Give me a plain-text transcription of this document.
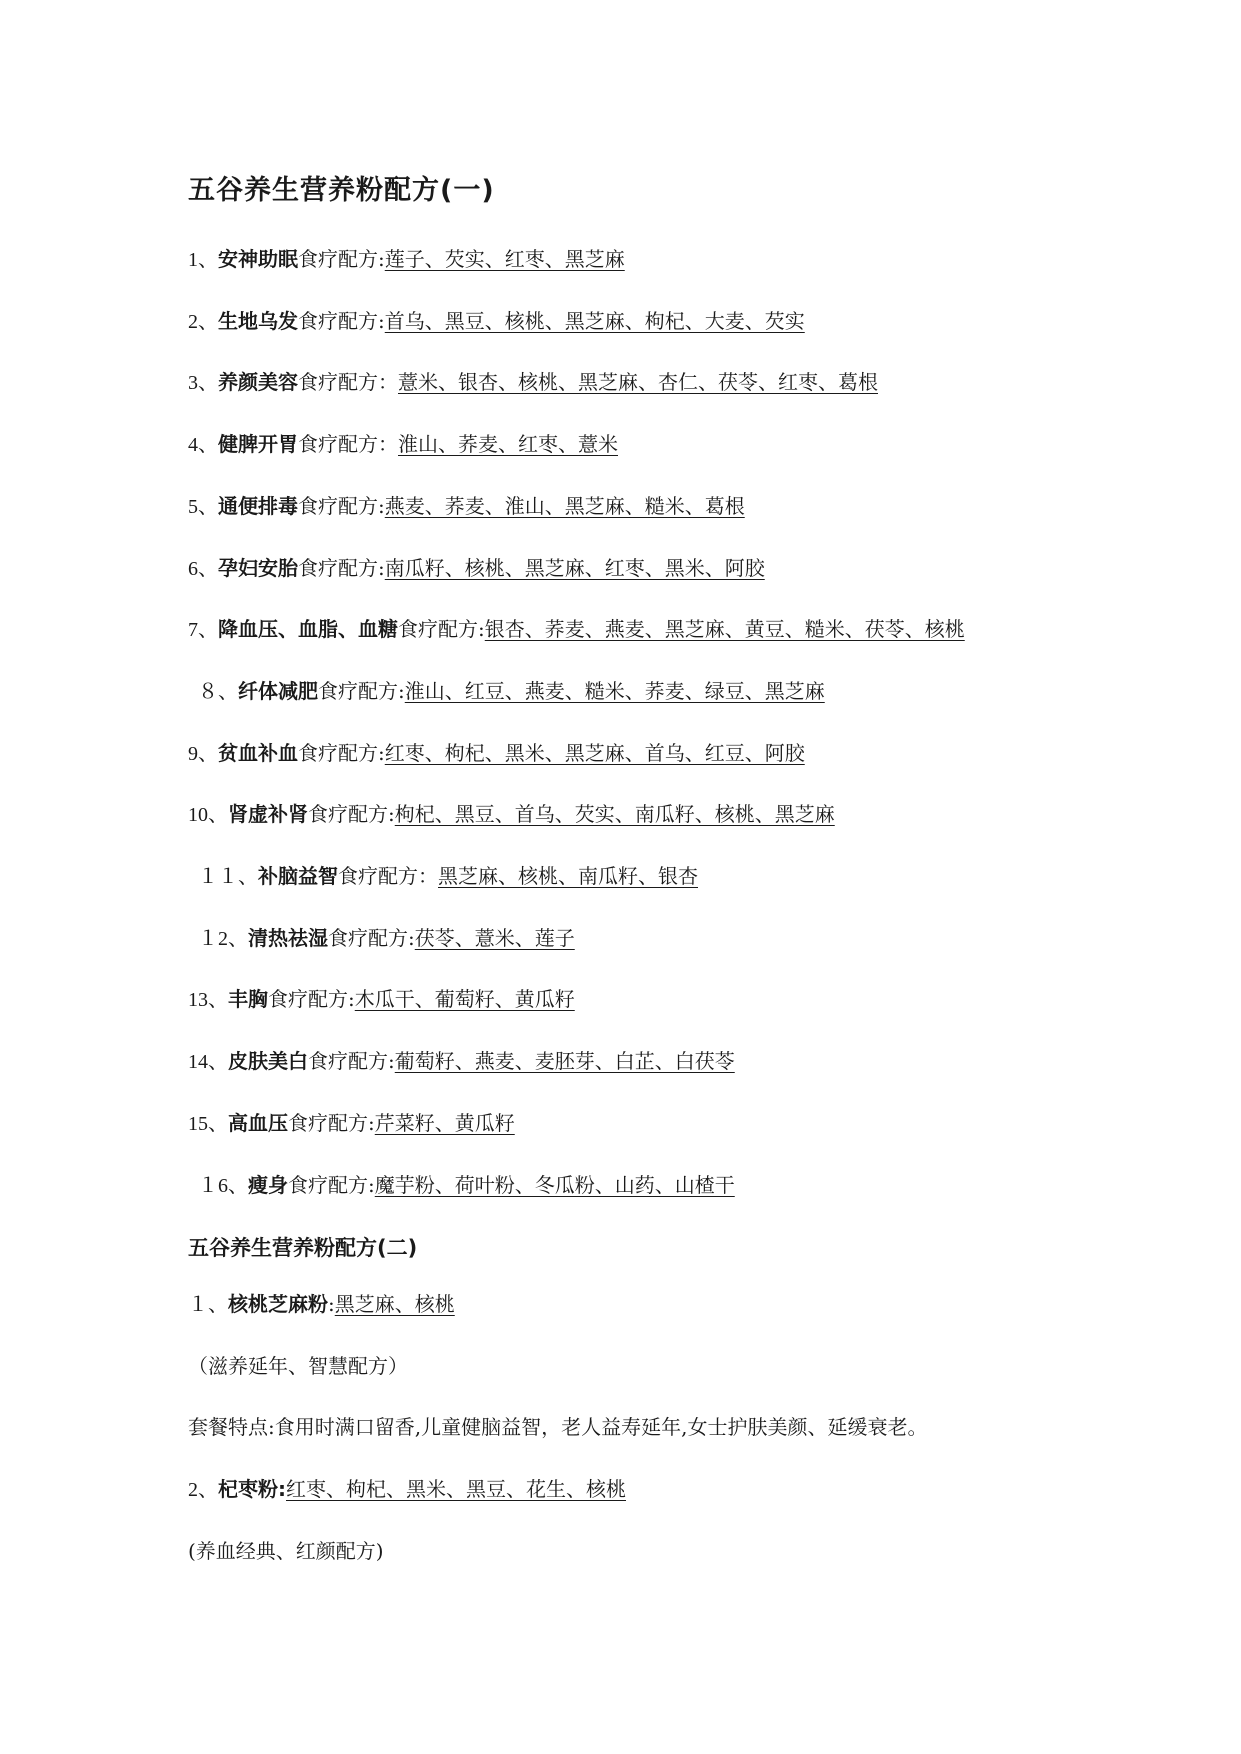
五谷养生营养粉配方(一)
1、安神助眠食疗配方:莲子、芡实、红枣、黑芝麻
2、生地乌发食疗配方:首乌、黑豆、核桃、黑芝麻、枸杞、大麦、芡实
3、养颜美容食疗配方：薏米、银杏、核桃、黑芝麻、杏仁、茯苓、红枣、葛根
4、健脾开胃食疗配方：淮山、荞麦、红枣、薏米
5、通便排毒食疗配方:燕麦、荞麦、淮山、黑芝麻、糙米、葛根
6、孕妇安胎食疗配方:南瓜籽、核桃、黑芝麻、红枣、黑米、阿胶
7、降血压、血脂、血糖食疗配方:银杏、荞麦、燕麦、黑芝麻、黄豆、糙米、茯苓、核桃
８、纤体减肥食疗配方:淮山、红豆、燕麦、糙米、荞麦、绿豆、黑芝麻
9、贫血补血食疗配方:红枣、枸杞、黑米、黑芝麻、首乌、红豆、阿胶
10、肾虚补肾食疗配方:枸杞、黑豆、首乌、芡实、南瓜籽、核桃、黑芝麻
１１、补脑益智食疗配方：黑芝麻、核桃、南瓜籽、银杏
１2、清热祛湿食疗配方:茯苓、薏米、莲子
13、丰胸食疗配方:木瓜干、葡萄籽、黄瓜籽
14、皮肤美白食疗配方:葡萄籽、燕麦、麦胚芽、白芷、白茯苓
15、高血压食疗配方:芹菜籽、黄瓜籽
１6、瘦身食疗配方:魔芋粉、荷叶粉、冬瓜粉、山药、山楂干
五谷养生营养粉配方(二)
１、核桃芝麻粉:黑芝麻、核桃
（滋养延年、智慧配方）
套餐特点:食用时满口留香,儿童健脑益智，老人益寿延年,女士护肤美颜、延缓衰老。
2、杞枣粉:红枣、枸杞、黑米、黑豆、花生、核桃
(养血经典、红颜配方)
